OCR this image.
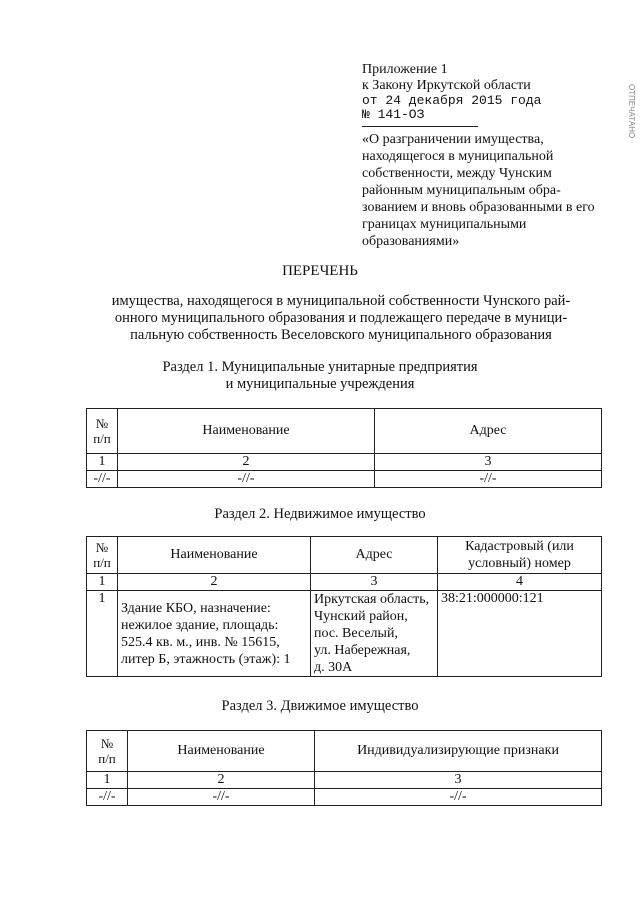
ОТПЕЧАТАНО
Приложение 1
к Закону Иркутской области
от 24 декабря 2015 года
№ 141-ОЗ
«О разграничении имущества, находящегося в муниципальной собственности, между Чунским районным муниципальным образованием и вновь образованными в его границах муниципальными образованиями»
ПЕРЕЧЕНЬ
имущества, находящегося в муниципальной собственности Чунского районного муниципального образования и подлежащего передаче в муниципальную собственность Веселовского муниципального образования
Раздел 1. Муниципальные унитарные предприятия
и муниципальные учреждения
№
п/п	Наименование	Адрес
1	2	3
-//-	-//-	-//-
Раздел 2. Недвижимое имущество
№
п/п	Наименование	Адрес	Кадастровый (или
условный) номер
1	2	3	4
1	Здание КБО, назначение:
нежилое здание, площадь:
525.4 кв. м., инв. № 15615,
литер Б, этажность (этаж): 1	Иркутская область,
Чунский район,
пос. Веселый,
ул. Набережная,
д. 30А	38:21:000000:121
Раздел 3. Движимое имущество
№
п/п	Наименование	Индивидуализирующие признаки
1	2	3
-//-	-//-	-//-
